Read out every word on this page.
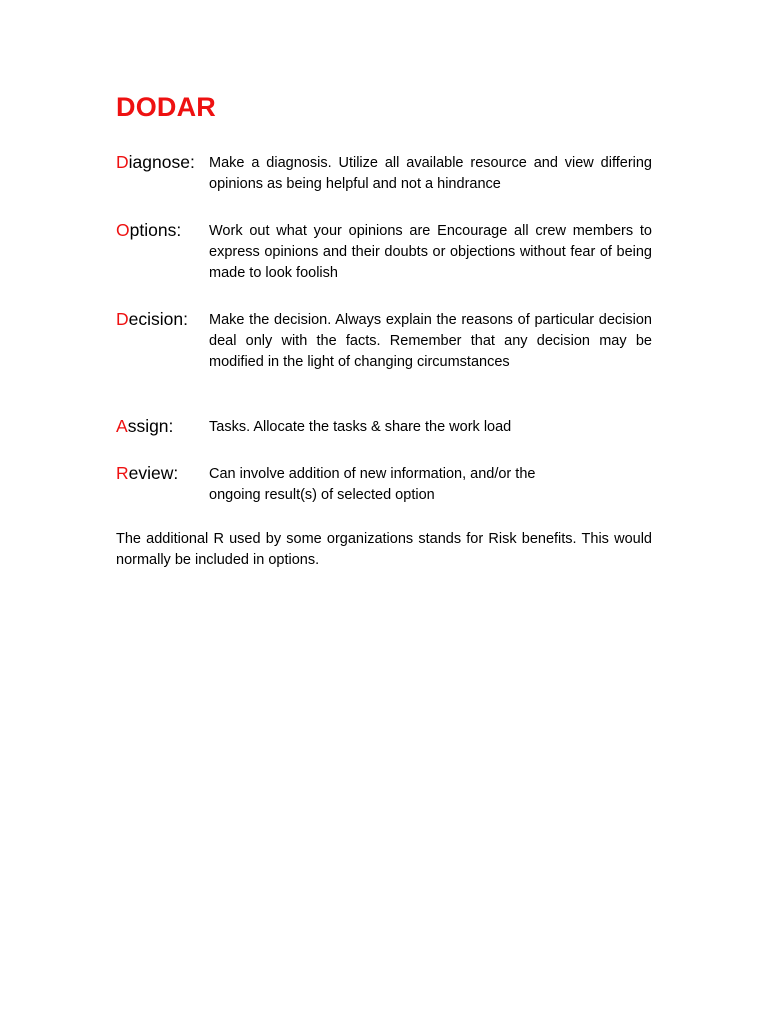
DODAR
Diagnose: Make a diagnosis. Utilize all available resource and view differing opinions as being helpful and not a hindrance

Options: Work out what your opinions are Encourage all crew members to express opinions and their doubts or objections without fear of being made to look foolish

Decision: Make the decision. Always explain the reasons of particular decision deal only with the facts. Remember that any decision may be modified in the light of changing circumstances

Assign: Tasks. Allocate the tasks & share the work load

Review: Can involve addition of new information, and/or the
ongoing result(s) of selected option

The additional R used by some organizations stands for Risk benefits. This would normally be included in options.
